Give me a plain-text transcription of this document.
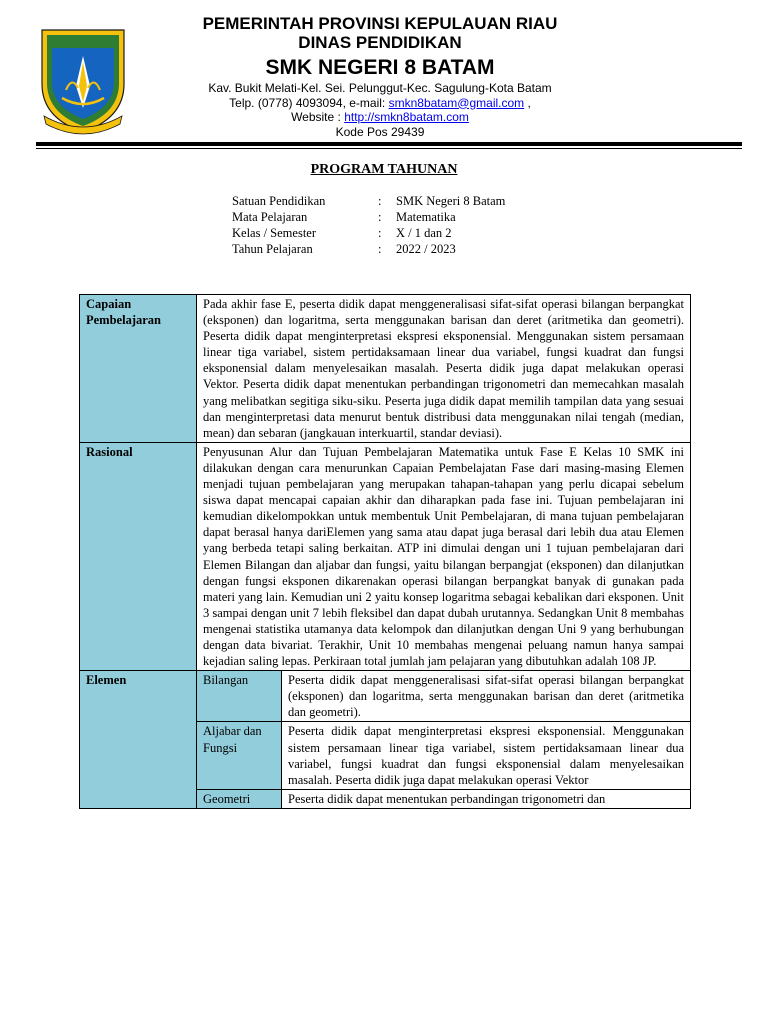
PEMERINTAH PROVINSI KEPULAUAN RIAU
DINAS PENDIDIKAN
SMK NEGERI 8 BATAM
Kav. Bukit Melati-Kel. Sei. Pelunggut-Kec. Sagulung-Kota Batam
Telp. (0778) 4093094, e-mail: smkn8batam@gmail.com ,
Website : http://smkn8batam.com
Kode Pos 29439
PROGRAM TAHUNAN
Satuan Pendidikan	:	SMK Negeri 8 Batam
Mata Pelajaran	:	Matematika
Kelas / Semester	:	X / 1 dan 2
Tahun Pelajaran	:	2022 / 2023
Capaian Pembelajaran	Pada akhir fase E, peserta didik dapat menggeneralisasi sifat-sifat operasi bilangan berpangkat (eksponen) dan logaritma, serta menggunakan barisan dan deret (aritmetika dan geometri). Peserta didik dapat menginterpretasi ekspresi eksponensial. Menggunakan sistem persamaan linear tiga variabel, sistem pertidaksamaan linear dua variabel, fungsi kuadrat dan fungsi eksponensial dalam menyelesaikan masalah. Peserta didik juga dapat melakukan operasi Vektor. Peserta didik dapat menentukan perbandingan trigonometri dan memecahkan masalah yang melibatkan segitiga siku-siku. Peserta juga didik dapat memilih tampilan data yang sesuai dan menginterpretasi data menurut bentuk distribusi data menggunakan nilai tengah (median, mean) dan sebaran (jangkauan interkuartil, standar deviasi).	
Rasional	Penyusunan Alur dan Tujuan Pembelajaran Matematika untuk Fase E Kelas 10 SMK ini dilakukan dengan cara menurunkan Capaian Pembelajatan Fase dari masing-masing Elemen menjadi tujuan pembelajaran yang merupakan tahapan-tahapan yang perlu dicapai sebelum siswa dapat mencapai capaian akhir dan diharapkan pada fase ini. Tujuan pembelajaran ini kemudian dikelompokkan untuk membentuk Unit Pembelajaran, di mana tujuan pembelajaran dapat berasal hanya dariElemen yang sama atau dapat juga berasal dari lebih dua atau Elemen yang berbeda tetapi saling berkaitan. ATP ini dimulai dengan uni 1 tujuan pembelajaran dari Elemen Bilangan dan aljabar dan fungsi, yaitu bilangan berpangjat (eksponen) dan dilanjutkan dengan fungsi eksponen dikarenakan operasi bilangan berpangkat banyak di gunakan pada materi yang lain. Kemudian uni 2 yaitu konsep logaritma sebagai kebalikan dari eksponen. Unit 3 sampai dengan unit 7 lebih fleksibel dan dapat dubah urutannya. Sedangkan Unit 8 membahas mengenai statistika utamanya data kelompok dan dilanjutkan dengan Uni 9 yang berhubungan dengan data bivariat. Terakhir, Unit 10 membahas mengenai peluang namun hanya sampai kejadian saling lepas. Perkiraan total jumlah jam pelajaran yang dibutuhkan adalah 108 JP.	
Elemen	Bilangan	Peserta didik dapat menggeneralisasi sifat-sifat operasi bilangan berpangkat (eksponen) dan logaritma, serta menggunakan barisan dan deret (aritmetika dan geometri).
	Aljabar dan Fungsi	Peserta didik dapat menginterpretasi ekspresi eksponensial. Menggunakan sistem persamaan linear tiga variabel, sistem pertidaksamaan linear dua variabel, fungsi kuadrat dan fungsi eksponensial dalam menyelesaikan masalah. Peserta didik juga dapat melakukan operasi Vektor
	Geometri	Peserta didik dapat menentukan perbandingan trigonometri dan
